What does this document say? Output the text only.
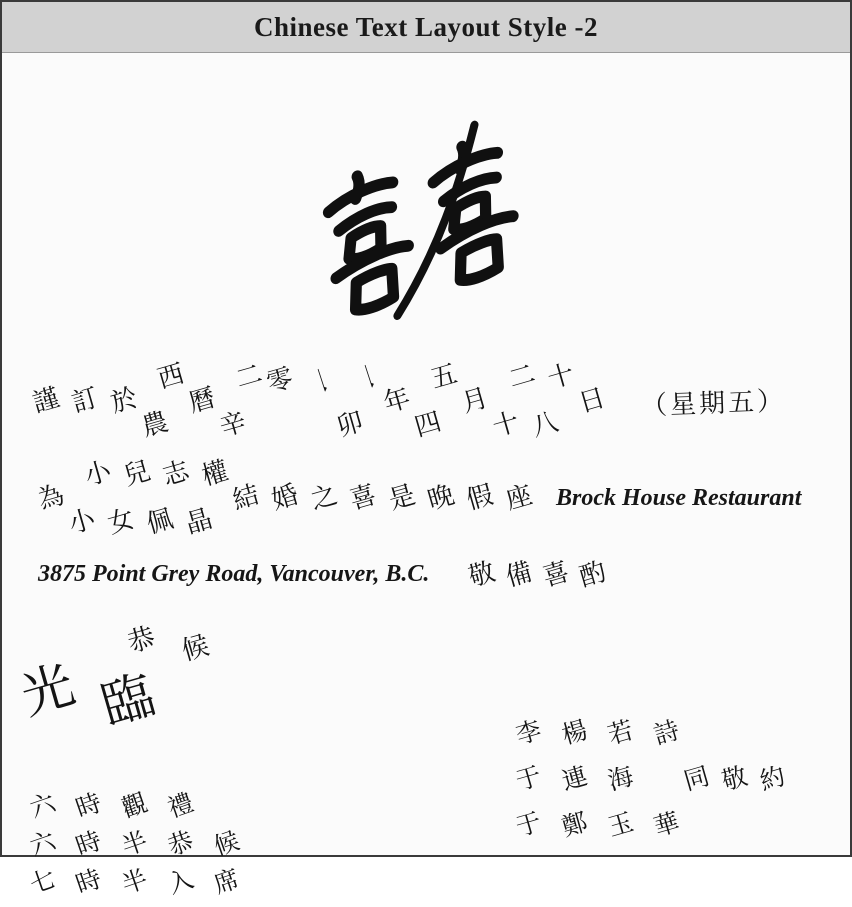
Chinese Text Layout Style -2
謹 訂 於
西
農
曆
二
辛
零 一 一
卯
年
五
四
月
二
十
十
八
日 （星期五）
為
小
小
兒
女
志
佩
權
晶
結 婚 之 喜 是 晚 假 座 Brock House Restaurant
3875 Point Grey Road, Vancouver, B.C. 敬 備 喜 酌
恭 候
光 臨
六 時 觀 禮
六 時 半 恭 候
七 時 半 入 席
李 楊 若 詩
于 連 海	同 敬 約
于 鄭 玉 華
